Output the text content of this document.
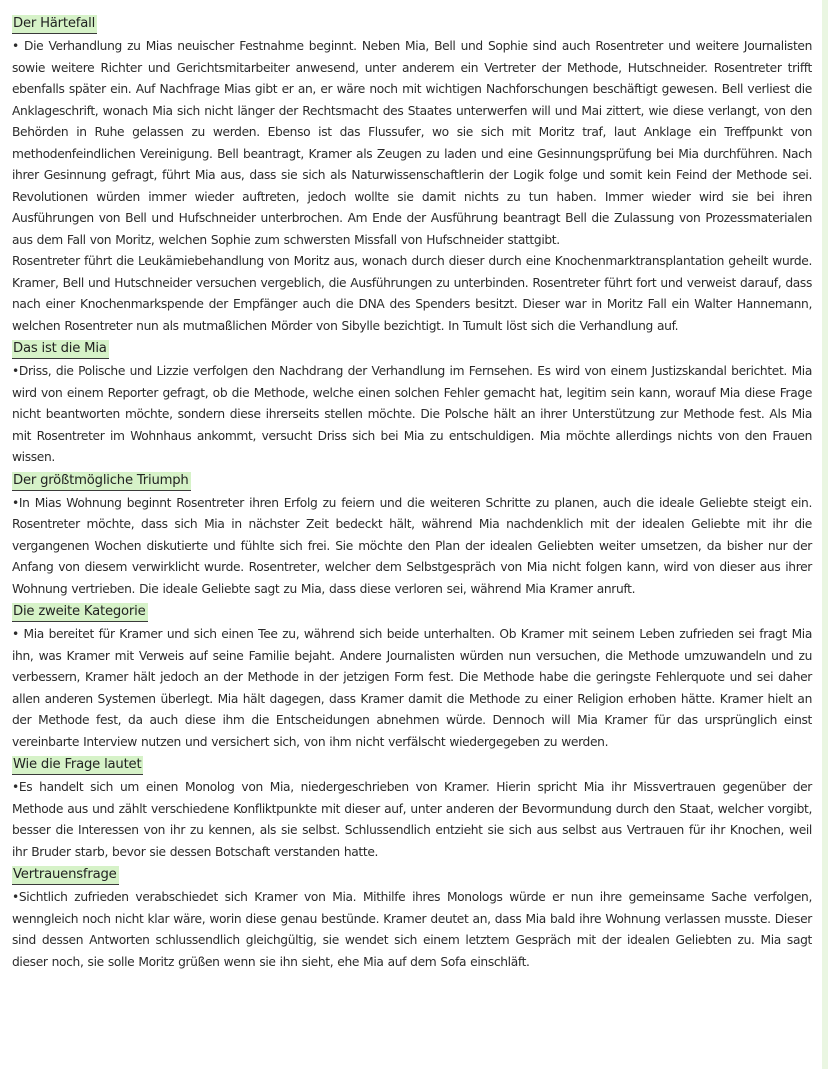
Der Härtefall

• Die Verhandlung zu Mias neuischer Festnahme beginnt. Neben Mia, Bell und Sophie sind auch Rosentreter und weitere Journalisten sowie weitere Richter und Gerichtsmitarbeiter anwesend, unter anderem ein Vertreter der Methode, Hutschneider. Rosentreter trifft ebenfalls später ein. Auf Nachfrage Mias gibt er an, er wäre noch mit wichtigen Nachforschungen beschäftigt gewesen. Bell verliest die Anklageschrift, wonach Mia sich nicht länger der Rechtsmacht des Staates unterwerfen will und Mai zittert, wie diese verlangt, von den Behörden in Ruhe gelassen zu werden. Ebenso ist das Flussufer, wo sie sich mit Moritz traf, laut Anklage ein Treffpunkt von methodenfeindlichen Vereinigung. Bell beantragt, Kramer als Zeugen zu laden und eine Gesinnungsprüfung bei Mia durchführen. Nach ihrer Gesinnung gefragt, führt Mia aus, dass sie sich als Naturwissenschaftlerin der Logik folge und somit kein Feind der Methode sei. Revolutionen würden immer wieder auftreten, jedoch wollte sie damit nichts zu tun haben. Immer wieder wird sie bei ihren Ausführungen von Bell und Hufschneider unterbrochen. Am Ende der Ausführung beantragt Bell die Zulassung von Prozessmaterialen aus dem Fall von Moritz, welchen Sophie zum schwersten Missfall von Hufschneider stattgibt.

Rosentreter führt die Leukämiebehandlung von Moritz aus, wonach durch dieser durch eine Knochenmarktransplantation geheilt wurde. Kramer, Bell und Hutschneider versuchen vergeblich, die Ausführungen zu unterbinden. Rosentreter führt fort und verweist darauf, dass nach einer Knochenmarkspende der Empfänger auch die DNA des Spenders besitzt. Dieser war in Moritz Fall ein Walter Hannemann, welchen Rosentreter nun als mutmaßlichen Mörder von Sibylle bezichtigt. In Tumult löst sich die Verhandlung auf.

Das ist die Mia

•Driss, die Polische und Lizzie verfolgen den Nachdrang der Verhandlung im Fernsehen. Es wird von einem Justizskandal berichtet. Mia wird von einem Reporter gefragt, ob die Methode, welche einen solchen Fehler gemacht hat, legitim sein kann, worauf Mia diese Frage nicht beantworten möchte, sondern diese ihrerseits stellen möchte. Die Polsche hält an ihrer Unterstützung zur Methode fest. Als Mia mit Rosentreter im Wohnhaus ankommt, versucht Driss sich bei Mia zu entschuldigen. Mia möchte allerdings nichts von den Frauen wissen.

Der größtmögliche Triumph

•In Mias Wohnung beginnt Rosentreter ihren Erfolg zu feiern und die weiteren Schritte zu planen, auch die ideale Geliebte steigt ein. Rosentreter möchte, dass sich Mia in nächster Zeit bedeckt hält, während Mia nachdenklich mit der idealen Geliebte mit ihr die vergangenen Wochen diskutierte und fühlte sich frei. Sie möchte den Plan der idealen Geliebten weiter umsetzen, da bisher nur der Anfang von diesem verwirklicht wurde. Rosentreter, welcher dem Selbstgespräch von Mia nicht folgen kann, wird von dieser aus ihrer Wohnung vertrieben. Die ideale Geliebte sagt zu Mia, dass diese verloren sei, während Mia Kramer anruft.

Die zweite Kategorie

• Mia bereitet für Kramer und sich einen Tee zu, während sich beide unterhalten. Ob Kramer mit seinem Leben zufrieden sei fragt Mia ihn, was Kramer mit Verweis auf seine Familie bejaht. Andere Journalisten würden nun versuchen, die Methode umzuwandeln und zu verbessern, Kramer hält jedoch an der Methode in der jetzigen Form fest. Die Methode habe die geringste Fehlerquote und sei daher allen anderen Systemen überlegt. Mia hält dagegen, dass Kramer damit die Methode zu einer Religion erhoben hätte. Kramer hielt an der Methode fest, da auch diese ihm die Entscheidungen abnehmen würde. Dennoch will Mia Kramer für das ursprünglich einst vereinbarte Interview nutzen und versichert sich, von ihm nicht verfälscht wiedergegeben zu werden.

Wie die Frage lautet

•Es handelt sich um einen Monolog von Mia, niedergeschrieben von Kramer. Hierin spricht Mia ihr Missvertrauen gegenüber der Methode aus und zählt verschiedene Konfliktpunkte mit dieser auf, unter anderen der Bevormundung durch den Staat, welcher vorgibt, besser die Interessen von ihr zu kennen, als sie selbst. Schlussendlich entzieht sie sich aus selbst aus Vertrauen für ihr Knochen, weil ihr Bruder starb, bevor sie dessen Botschaft verstanden hatte.

Vertrauensfrage

•Sichtlich zufrieden verabschiedet sich Kramer von Mia. Mithilfe ihres Monologs würde er nun ihre gemeinsame Sache verfolgen, wenngleich noch nicht klar wäre, worin diese genau bestünde. Kramer deutet an, dass Mia bald ihre Wohnung verlassen musste. Dieser sind dessen Antworten schlussendlich gleichgültig, sie wendet sich einem letztem Gespräch mit der idealen Geliebten zu. Mia sagt dieser noch, sie solle Moritz grüßen wenn sie ihn sieht, ehe Mia auf dem Sofa einschläft.
